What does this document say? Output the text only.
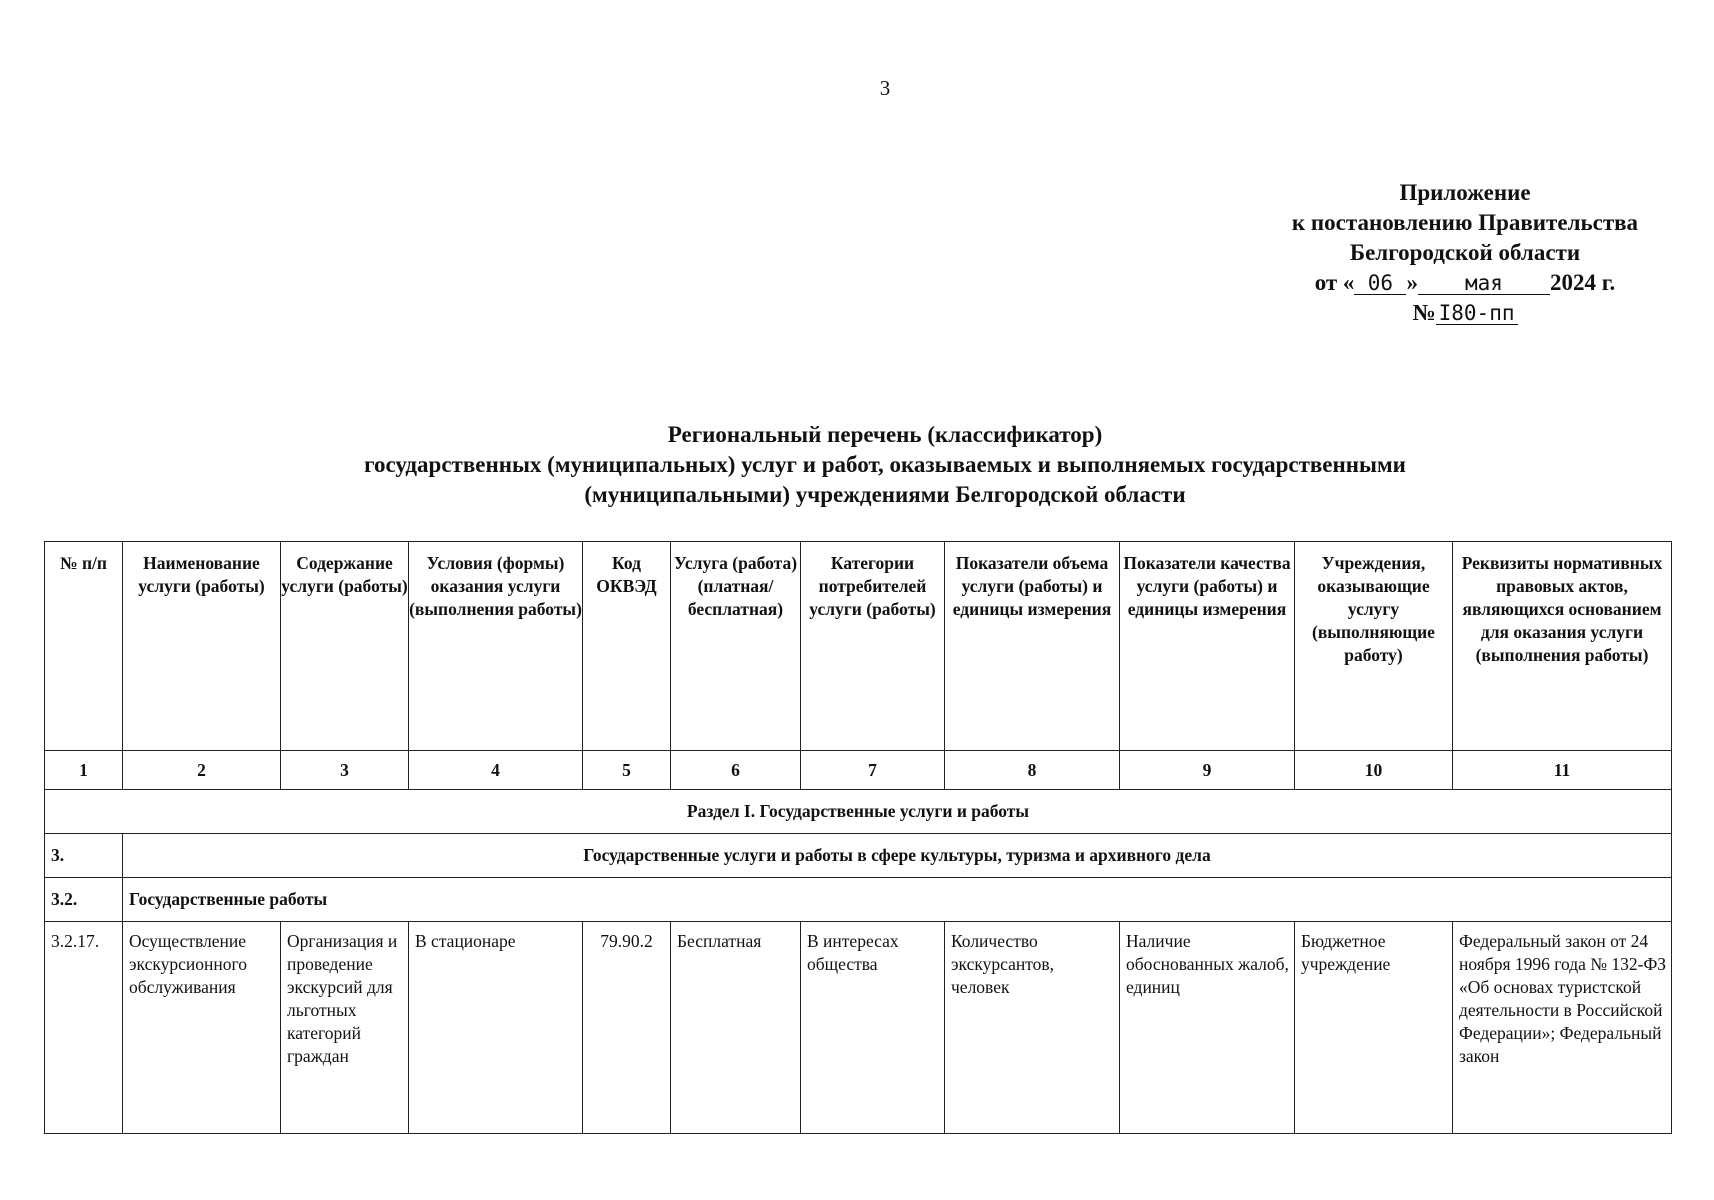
3
Приложение
к постановлению Правительства
Белгородской области
от « 06 » мая 2024 г.
№ I80-пп
Региональный перечень (классификатор)
государственных (муниципальных) услуг и работ, оказываемых и выполняемых государственными
(муниципальными) учреждениями Белгородской области
№ п/п	Наименование услуги (работы)	Содержание услуги (работы)	Условия (формы) оказания услуги (выполнения работы)	Код ОКВЭД	Услуга (работа) (платная/ бесплатная)	Категории потребителей услуги (работы)	Показатели объема услуги (работы) и единицы измерения	Показатели качества услуги (работы) и единицы измерения	Учреждения, оказывающие услугу (выполняющие работу)	Реквизиты нормативных правовых актов, являющихся основанием для оказания услуги (выполнения работы)
1	2	3	4	5	6	7	8	9	10	11
Раздел I. Государственные услуги и работы										
3.	Государственные услуги и работы в сфере культуры, туризма и архивного дела									
3.2.	Государственные работы									
3.2.17.	Осуществление экскурсионного обслуживания	Организация и проведение экскурсий для льготных категорий граждан	В стационаре	79.90.2	Бесплатная	В интересах общества	Количество экскурсантов, человек	Наличие обоснованных жалоб, единиц	Бюджетное учреждение	Федеральный закон от 24 ноября 1996 года № 132-ФЗ «Об основах туристской деятельности в Российской Федерации»; Федеральный закон
